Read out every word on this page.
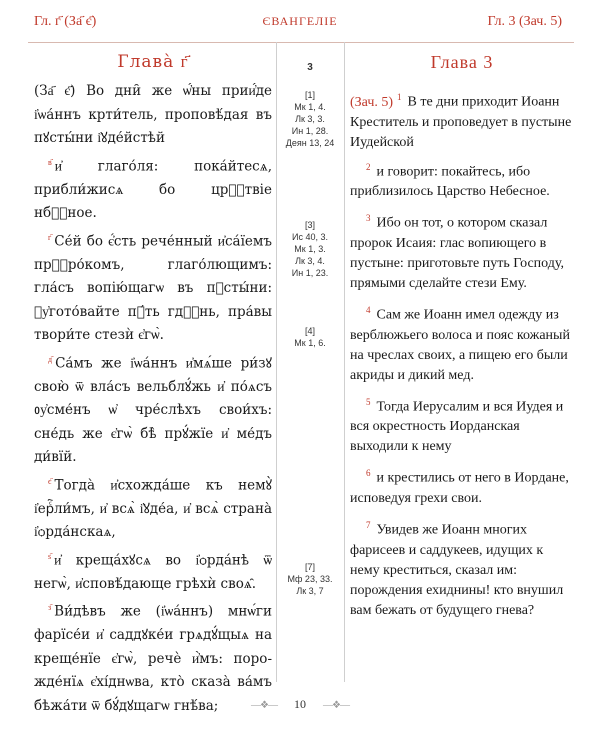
Гл. г҃ (За҃ є҃)	ЄВАНГЕЛІЕ	Гл. 3 (Зач. 5)
Глава̀ г҃

(За҃ є҃) Во дни̑ же ѡ҆́ны прии҆́де і҆ѡа́ннъ крти́тель, проповѣ́дая въ пꙋсты́ни і҆ꙋде́йстѣй

$^{в҃}$ и҆ глаго́ля: пока́йтесѧ, прибли́жисѧ бо црⷭ҇твіе нбⷭ҇ное.

$^{г҃}$ Се́й бо є҆́сть рече́нный и҆са́їемъ прⷪ҇ро́комъ, глаго́лющимъ: гла́съ вопію́щагѡ въ пꙋсты́ни: ᲂу҆гото́вайте пꙋ́ть гдⷭ҇нь, пра́вы твори́те стезѝ є҆гѡ̀.

$^{д҃}$ Са́мъ же і҆ѡа́ннъ и҆мѧ́ше ри́зꙋ свою̀ ѿ вла́съ вельблꙋ́жь и҆ по́ѧсъ ᲂу҆сме́нъ ѡ҆ чре́слѣхъ свои́хъ: сне́дь же є҆гѡ̀ бѣ̀ прꙋ́жїе и҆ ме́дъ ди́вїй.

$^{є҃}$ Тогда̀ и҆схожда́ше къ немꙋ̀ і҆ерⷭ҇ли́мъ, и҆ всѧ̀ і҆ꙋде́а, и҆ всѧ̀ страна̀ і҆ѻрда́нскаѧ,

$^{ѕ҃}$ и҆ креща́хꙋсѧ во і҆ѻрда́нѣ ѿ негѡ̀, и҆сповѣ́дающе грѣхѝ своѧ̑.

$^{з҃}$ Ви́дѣвъ же (і҆ѡа́ннъ) мнѡ́ги фарїсе́и и҆ саддꙋке́и грѧдꙋ́щыѧ на креще́нїе є҆гѡ̀, речѐ и҆̀мъ: порожде́нїѧ є҆хі́днѡва, кто̀ сказа̀ ва́мъ бѣжа́ти ѿ бꙋ́дꙋщагѡ гнѣ́ва;

3
[1]
Мк 1, 4.
Лк 3, 3.
Ин 1, 28.
Деян 13, 24
[3]
Ис 40, 3.
Мк 1, 3.
Лк 3, 4.
Ин 1, 23.
[4]
Мк 1, 6.
[7]
Мф 23, 33.
Лк 3, 7
Глава 3

(Зач. 5) $^1$ В те дни приходит Иоанн Креститель и проповедует в пустыне Иудейской

$^2$ и говорит: покайтесь, ибо приблизилось Царство Небесное.

$^3$ Ибо он тот, о котором сказал пророк Исаия: глас вопиющего в пустыне: приготовьте путь Господу, прямыми сделайте стези Ему.

$^4$ Сам же Иоанн имел одежду из верблюжьего волоса и пояс кожаный на чреслах своих, а пищею его были акриды и дикий мед.

$^5$ Тогда Иерусалим и вся Иудея и вся окрестность Иорданская выходили к нему

$^6$ и крестились от него в Иордане, исповедуя грехи свои.

$^7$ Увидев же Иоанн многих фарисеев и саддукеев, идущих к нему креститься, сказал им: порождения ехиднины! кто внушил вам бежать от будущего гнева?

—❖— 10 —❖—
